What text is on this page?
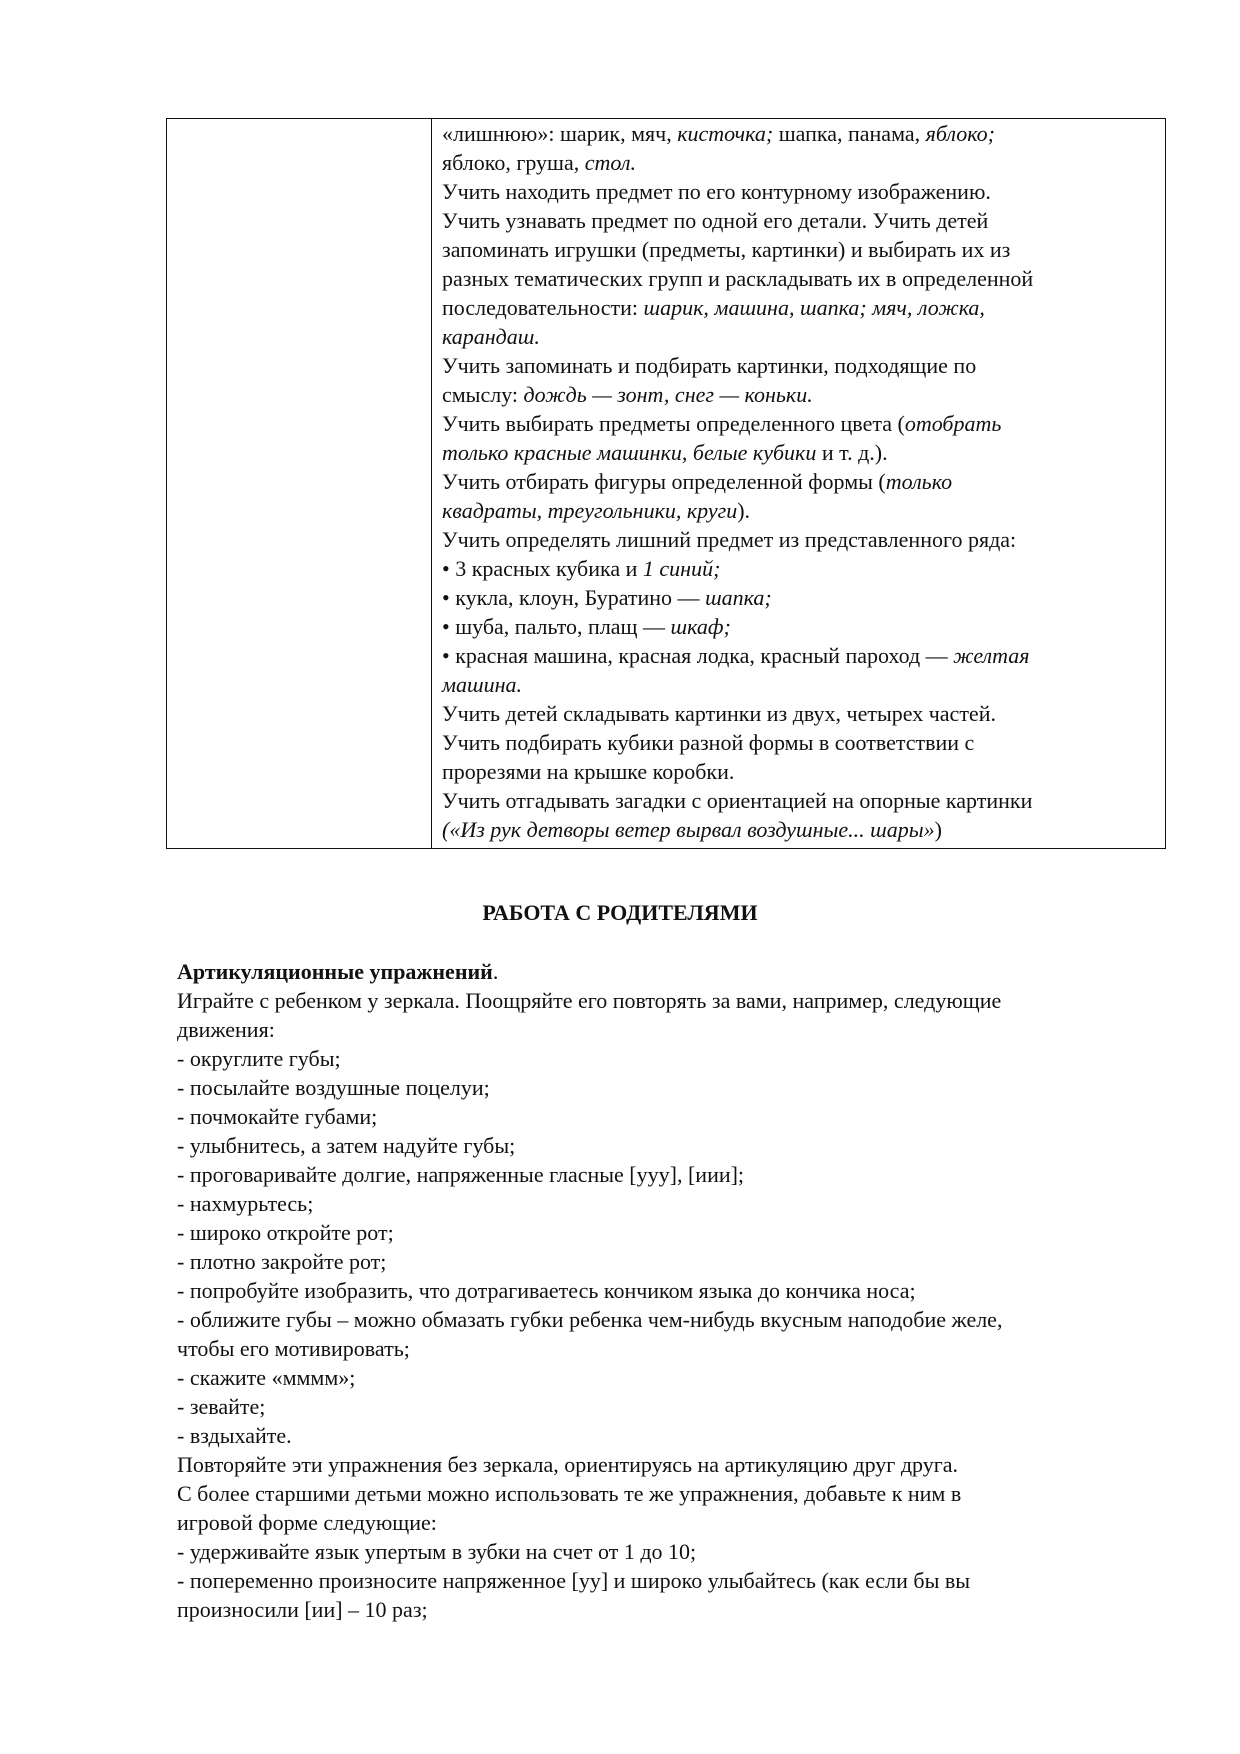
«лишнюю»: шарик, мяч, кисточка; шапка, панама, яблоко;
яблоко, груша, стол.
Учить находить предмет по его контурному изображению.
Учить узнавать предмет по одной его детали. Учить детей
запоминать игрушки (предметы, картинки) и выбирать их из
разных тематических групп и раскладывать их в определенной
последовательности: шарик, машина, шапка; мяч, ложка,
карандаш.
Учить запоминать и подбирать картинки, подходящие по
смыслу: дождь — зонт, снег — коньки.
Учить выбирать предметы определенного цвета (отобрать
только красные машинки, белые кубики и т. д.).
Учить отбирать фигуры определенной формы (только
квадраты, треугольники, круги).
Учить определять лишний предмет из представленного ряда:
• 3 красных кубика и 1 синий;
• кукла, клоун, Буратино — шапка;
• шуба, пальто, плащ — шкаф;
• красная машина, красная лодка, красный пароход — желтая
машина.
Учить детей складывать картинки из двух, четырех частей.
Учить подбирать кубики разной формы в соответствии с
прорезями на крышке коробки.
Учить отгадывать загадки с ориентацией на опорные картинки
(«Из рук детворы ветер вырвал воздушные... шары»)
РАБОТА С РОДИТЕЛЯМИ
Артикуляционные упражнений.
Играйте с ребенком у зеркала. Поощряйте его повторять за вами, например, следующие
движения:
- округлите губы;
- посылайте воздушные поцелуи;
- почмокайте губами;
- улыбнитесь, а затем надуйте губы;
- проговаривайте долгие, напряженные гласные [ууу], [иии];
- нахмурьтесь;
- широко откройте рот;
- плотно закройте рот;
- попробуйте изобразить, что дотрагиваетесь кончиком языка до кончика носа;
- оближите губы – можно обмазать губки ребенка чем-нибудь вкусным наподобие желе,
чтобы его мотивировать;
- скажите «мммм»;
- зевайте;
- вздыхайте.
Повторяйте эти упражнения без зеркала, ориентируясь на артикуляцию друг друга.
С более старшими детьми можно использовать те же упражнения, добавьте к ним в
игровой форме следующие:
- удерживайте язык упертым в зубки на счет от 1 до 10;
- попеременно произносите напряженное [уу] и широко улыбайтесь (как если бы вы
произносили [ии] – 10 раз;
